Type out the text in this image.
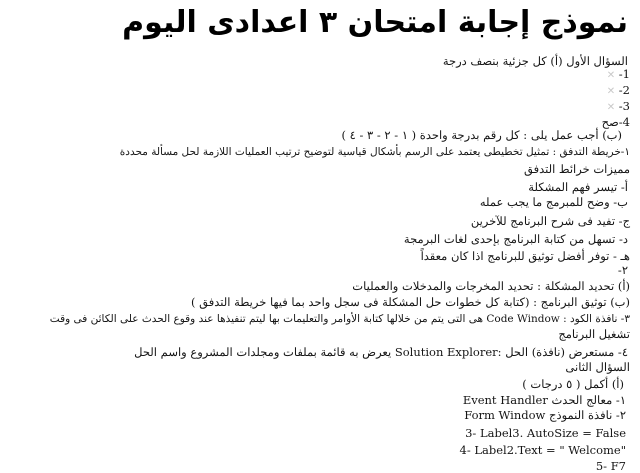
نموذج إجابة امتحان ٣ اعدادى اليوم
السؤال الأول (أ) كل جزئية بنصف درجة
1- ✕
2- ✕
3- ✕
4-صح
(ب) أجب عمل يلى : كل رقم بدرجة واحدة ( ١ - ٢ - ٣ - ٤ )
١-خريطة التدفق : تمثيل تخطيطى يعتمد على الرسم بأشكال قياسية لتوضيح ترتيب العمليات اللازمة لحل مسألة محددة
مميزات خرائط التدفق
أ- تيسر فهم المشكلة
ب- وضح للمبرمج ما يجب عمله
ج- تفيد فى شرح البرنامج للآخرين
د- تسهل من كتابة البرنامج بإحدى لغات البرمجة
هـ - توفر أفضل توثيق للبرنامج اذا كان معقداً
٢-
(أ) تحديد المشكلة : تحديد المخرجات والمدخلات والعمليات
(ب) توثيق البرنامج : (كتابة كل خطوات حل المشكلة فى سجل واحد بما فيها خريطة التدفق )
٣- نافذة الكود : Code Window هى التى يتم من خلالها كتابة الأوامر والتعليمات بها ليتم تنفيذها عند وقوع الحدث على الكائن فى وقت
تشغيل البرنامج
٤- مستعرض (نافذة) الحل :Solution Explorer يعرض به قائمة بملفات ومجلدات المشروع واسم الحل
السؤال الثانى
(أ) أكمل ( ٥ درجات )
١- معالج الحدث Event Handler
٢- نافذة النموذج Form Window
3- Label3. AutoSize = False
4- Label2.Text = " Welcome"
5- F7
